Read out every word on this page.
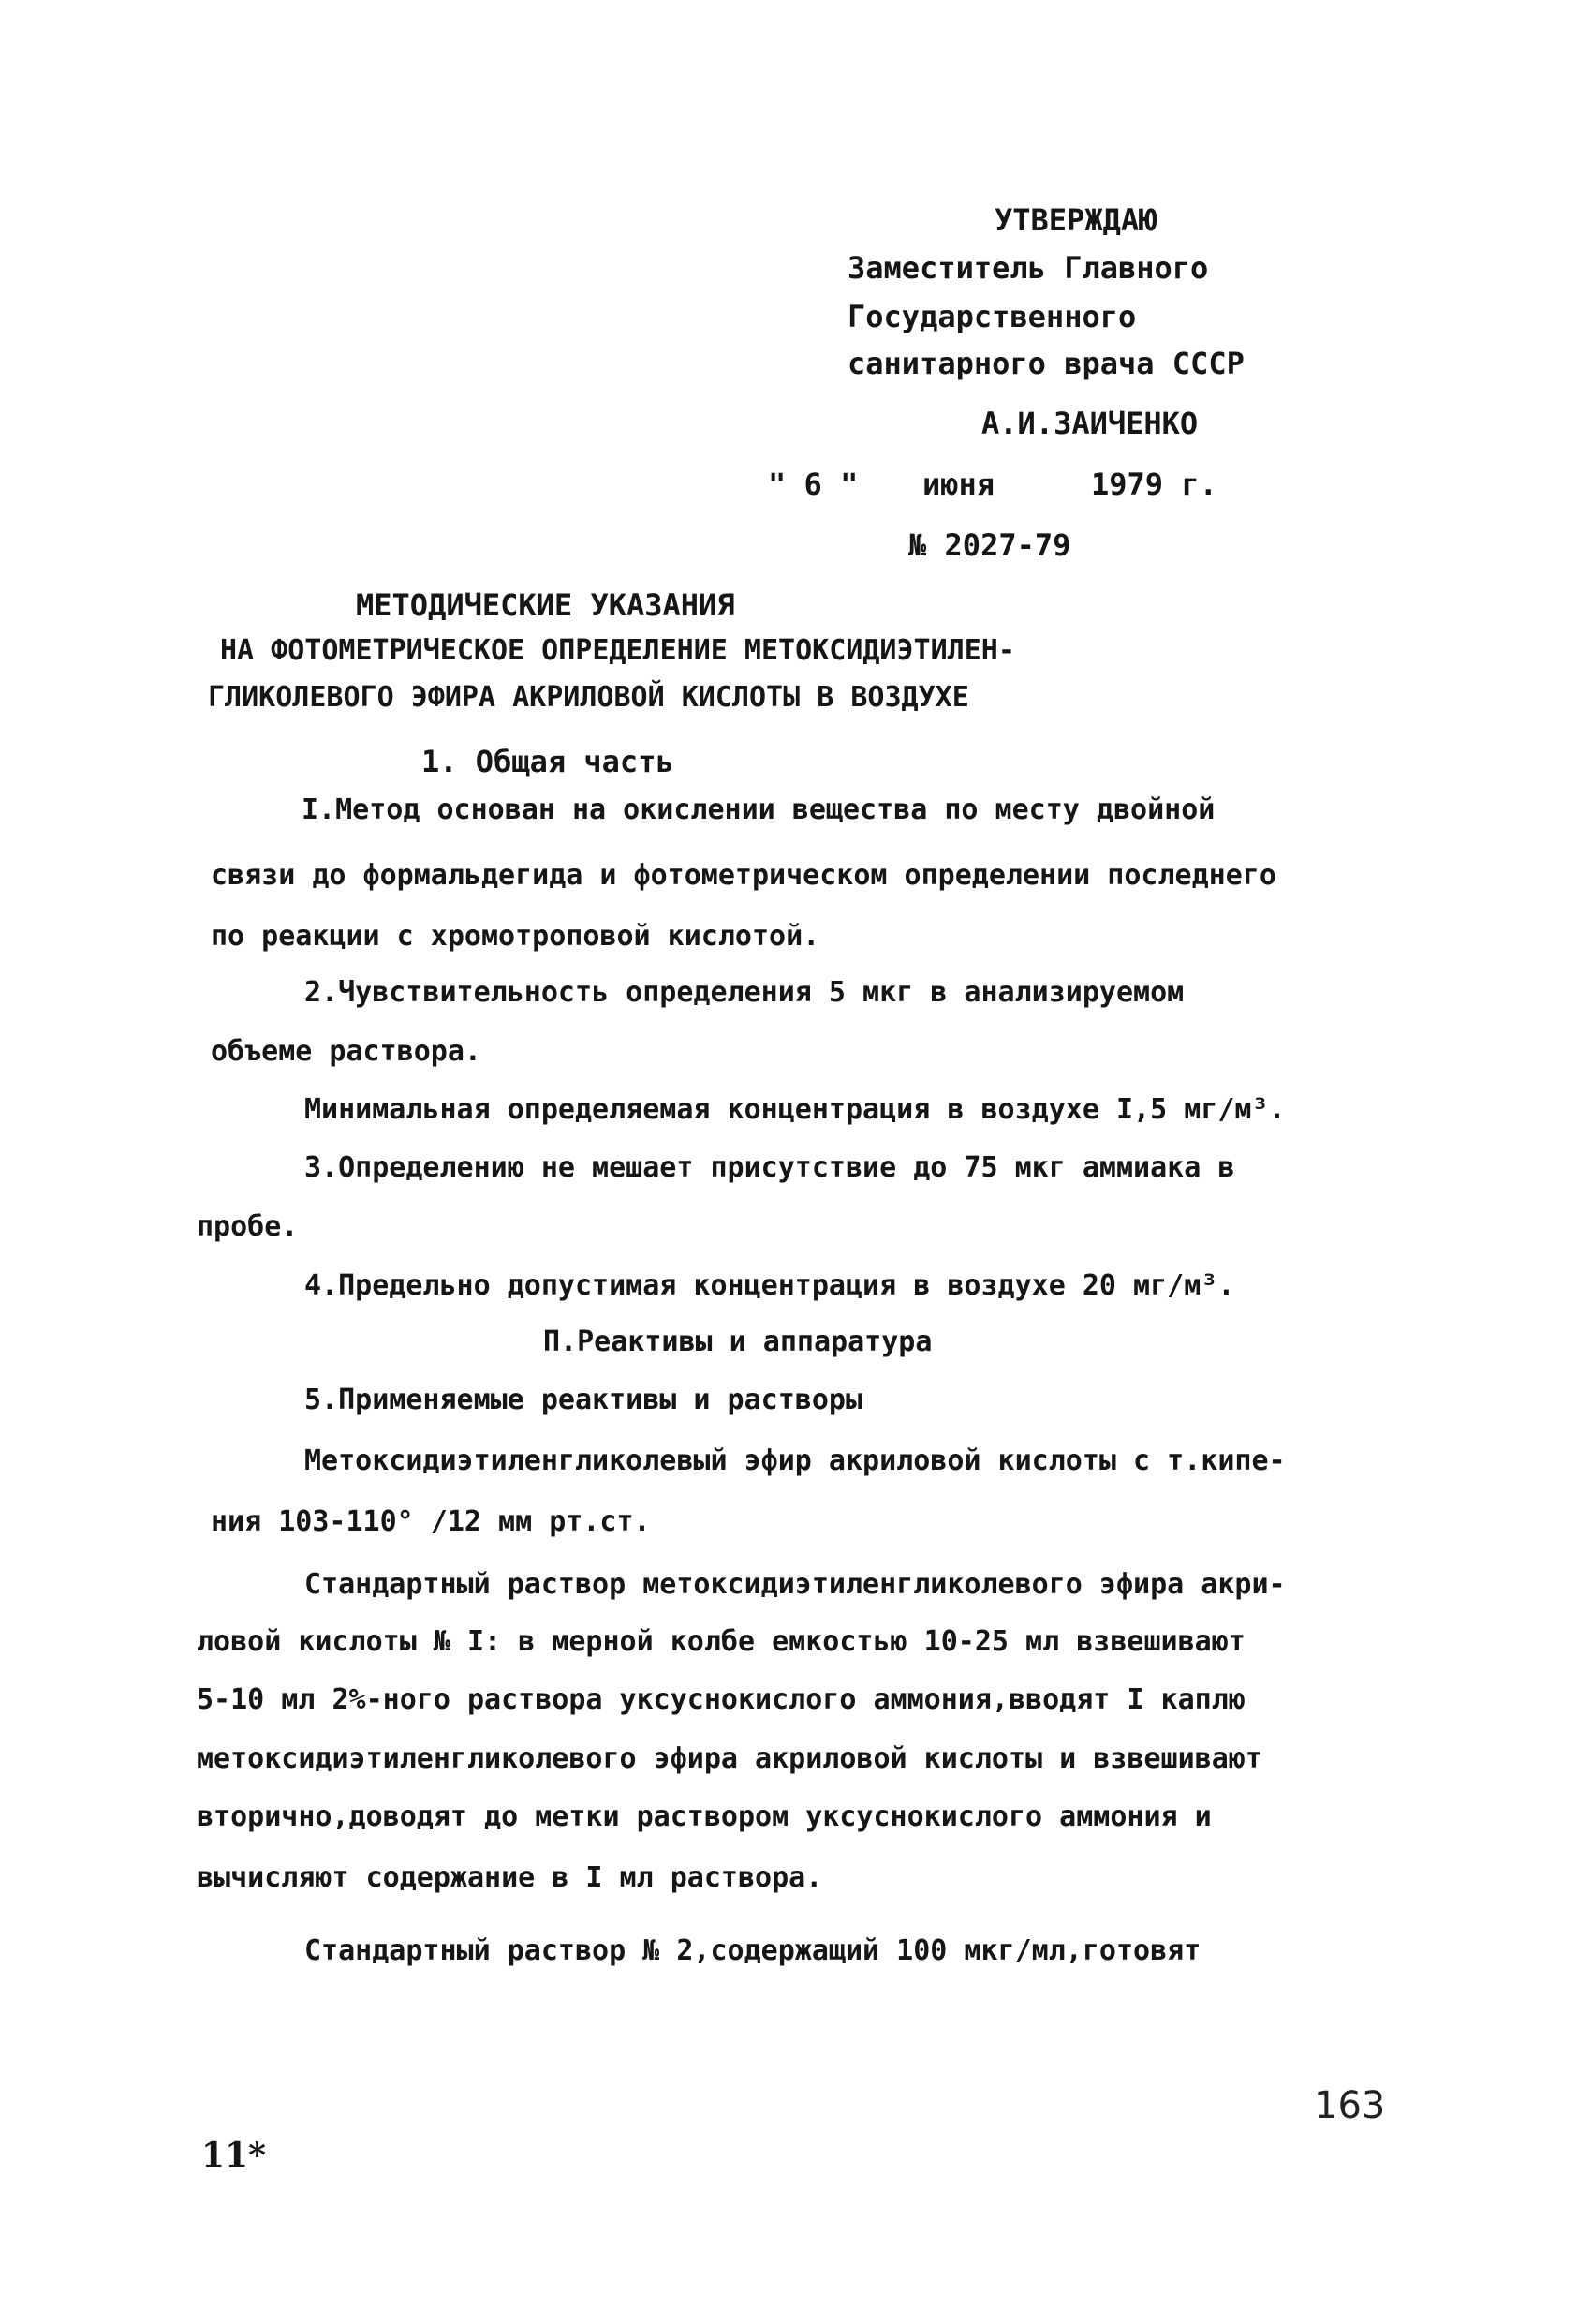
УТВЕРЖДАЮ
Заместитель Главного
Государственного
санитарного врача СССР
А.И.ЗАИЧЕНКО
" 6 " июня	1979 г.
№ 2027-79
МЕТОДИЧЕСКИЕ УКАЗАНИЯ
НА ФОТОМЕТРИЧЕСКОЕ ОПРЕДЕЛЕНИЕ МЕТОКСИДИЭТИЛЕН-
ГЛИКОЛЕВОГО ЭФИРА АКРИЛОВОЙ КИСЛОТЫ В ВОЗДУХЕ
1. Общая часть
I.Метод основан на окислении вещества по месту двойной
связи до формальдегида и фотометрическом определении последнего
по реакции с хромотроповой кислотой.
2.Чувствительность определения 5 мкг в анализируемом
объеме раствора.
Минимальная определяемая концентрация в воздухе I,5 мг/м³.
3.Определению не мешает присутствие до 75 мкг аммиака в
пробе.
4.Предельно допустимая концентрация в воздухе 20 мг/м³.
П.Реактивы и аппаратура
5.Применяемые реактивы и растворы
Метоксидиэтиленгликолевый эфир акриловой кислоты с т.кипе-
ния 103-110° /12 мм рт.ст.
Стандартный раствор метоксидиэтиленгликолевого эфира акри-
ловой кислоты № I: в мерной колбе емкостью 10-25 мл взвешивают
5-10 мл 2%-ного раствора уксуснокислого аммония,вводят I каплю
метоксидиэтиленгликолевого эфира акриловой кислоты и взвешивают
вторично,доводят до метки раствором уксуснокислого аммония и
вычисляют содержание в I мл раствора.
Стандартный раствор № 2,содержащий 100 мкг/мл,готовят
163
11*
